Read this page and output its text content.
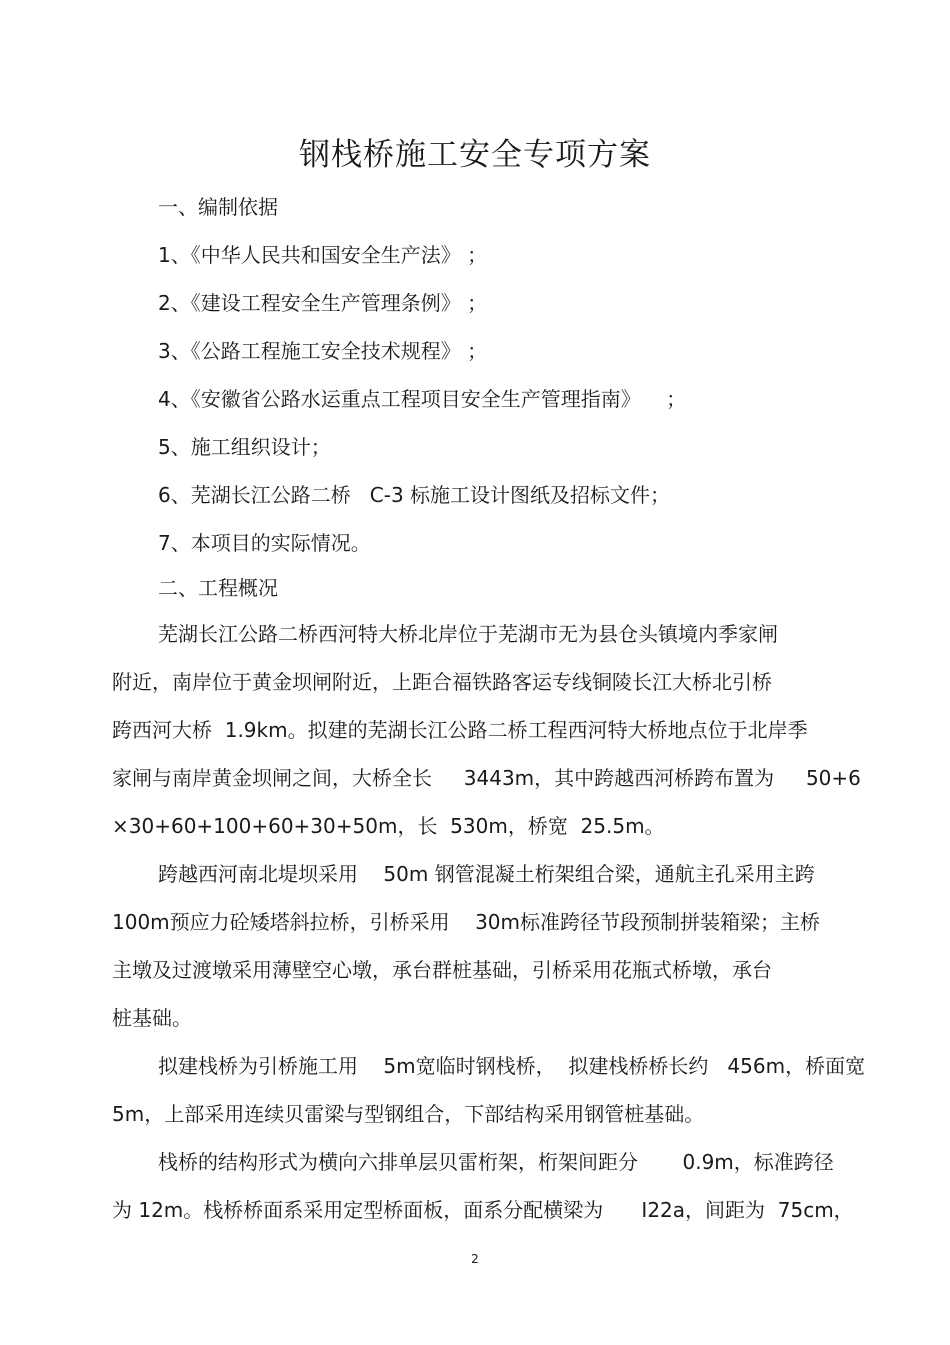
钢栈桥施工安全专项方案
一、编制依据
1、《中华人民共和国安全生产法》 ；
2、《建设工程安全生产管理条例》 ；
3、《公路工程施工安全技术规程》 ；
4、《安徽省公路水运重点工程项目安全生产管理指南》    ；
5、施工组织设计；
6、芜湖长江公路二桥   C-3 标施工设计图纸及招标文件；
7、本项目的实际情况。
二、工程概况
芜湖长江公路二桥西河特大桥北岸位于芜湖市无为县仓头镇境内季家闸
附近，南岸位于黄金坝闸附近，上距合福铁路客运专线铜陵长江大桥北引桥
跨西河大桥  1.9km。拟建的芜湖长江公路二桥工程西河特大桥地点位于北岸季
家闸与南岸黄金坝闸之间，大桥全长     3443m，其中跨越西河桥跨布置为     50+6
×30+60+100+60+30+50m，长  530m，桥宽  25.5m。
跨越西河南北堤坝采用    50m 钢管混凝土桁架组合梁，通航主孔采用主跨
100m预应力砼矮塔斜拉桥，引桥采用    30m标准跨径节段预制拼装箱梁；主桥
主墩及过渡墩采用薄壁空心墩，承台群桩基础，引桥采用花瓶式桥墩，承台
桩基础。
拟建栈桥为引桥施工用    5m宽临时钢栈桥，  拟建栈桥桥长约   456m，桥面宽
5m，上部采用连续贝雷梁与型钢组合，下部结构采用钢管桩基础。
栈桥的结构形式为横向六排单层贝雷桁架，桁架间距分       0.9m，标准跨径
为 12m。栈桥桥面系采用定型桥面板，面系分配横梁为      I22a，间距为  75cm，
2
